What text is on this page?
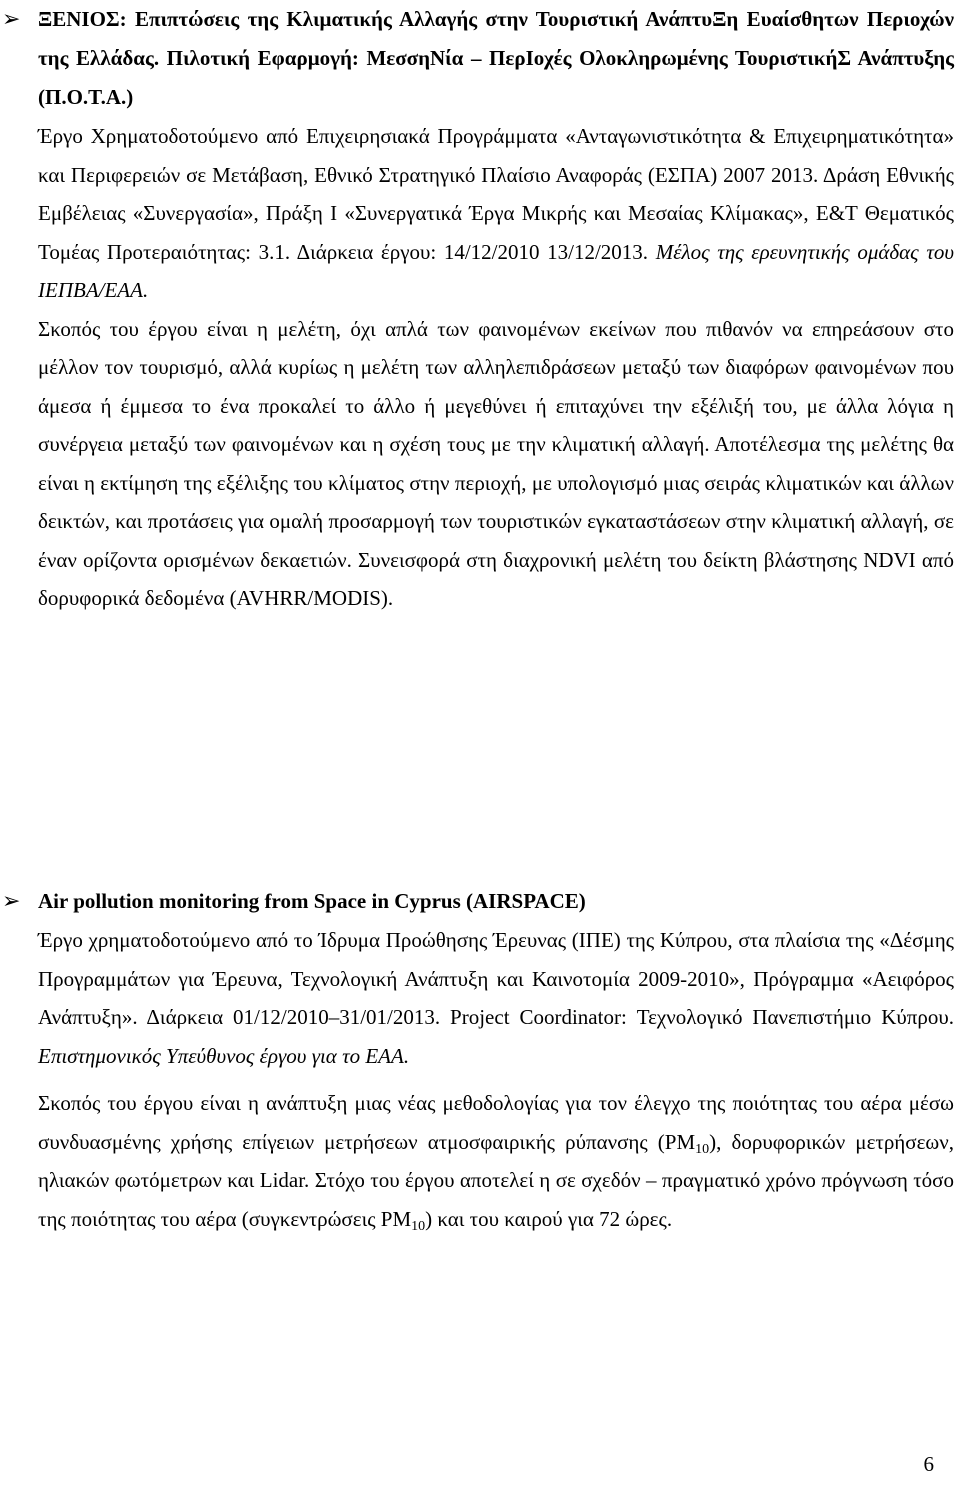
➢ ΞΕΝΙΟΣ: Επιπτώσεις της Κλιματικής Αλλαγής στην Τουριστική ΑνάπτυΞη Ευαίσθητων Περιοχών της Ελλάδας. Πιλοτική Εφαρμογή: ΜεσσηΝία – ΠερΙοχές Ολοκληρωμένης ΤουριστικήΣ Ανάπτυξης (Π.Ο.Τ.Α.)

Έργο Χρηματοδοτούμενο από Επιχειρησιακά Προγράμματα «Ανταγωνιστικότητα & Επιχειρηματικότητα» και Περιφερειών σε Μετάβαση, Εθνικό Στρατηγικό Πλαίσιο Αναφοράς (ΕΣΠΑ) 2007 2013. Δράση Εθνικής Εμβέλειας «Συνεργασία», Πράξη Ι «Συνεργατικά Έργα Μικρής και Μεσαίας Κλίμακας», Ε&Τ Θεματικός Τομέας Προτεραιότητας: 3.1. Διάρκεια έργου: 14/12/2010 13/12/2013. Μέλος της ερευνητικής ομάδας του ΙΕΠΒΑ/ΕΑΑ.

Σκοπός του έργου είναι η μελέτη, όχι απλά των φαινομένων εκείνων που πιθανόν να επηρεάσουν στο μέλλον τον τουρισμό, αλλά κυρίως η μελέτη των αλληλεπιδράσεων μεταξύ των διαφόρων φαινομένων που άμεσα ή έμμεσα το ένα προκαλεί το άλλο ή μεγεθύνει ή επιταχύνει την εξέλιξή του, με άλλα λόγια η συνέργεια μεταξύ των φαινομένων και η σχέση τους με την κλιματική αλλαγή. Αποτέλεσμα της μελέτης θα είναι η εκτίμηση της εξέλιξης του κλίματος στην περιοχή, με υπολογισμό μιας σειράς κλιματικών και άλλων δεικτών, και προτάσεις για ομαλή προσαρμογή των τουριστικών εγκαταστάσεων στην κλιματική αλλαγή, σε έναν ορίζοντα ορισμένων δεκαετιών. Συνεισφορά στη διαχρονική μελέτη του δείκτη βλάστησης NDVI από δορυφορικά δεδομένα (AVHRR/MODIS).

➢ Air pollution monitoring from Space in Cyprus (AIRSPACE)

Έργο χρηματοδοτούμενο από το Ίδρυμα Προώθησης Έρευνας (ΙΠΕ) της Κύπρου, στα πλαίσια της «Δέσμης Προγραμμάτων για Έρευνα, Τεχνολογική Ανάπτυξη και Καινοτομία 2009-2010», Πρόγραμμα «Αειφόρος Ανάπτυξη». Διάρκεια 01/12/2010–31/01/2013. Project Coordinator: Τεχνολογικό Πανεπιστήμιο Κύπρου. Επιστημονικός Υπεύθυνος έργου για το ΕΑΑ.

Σκοπός του έργου είναι η ανάπτυξη μιας νέας μεθοδολογίας για τον έλεγχο της ποιότητας του αέρα μέσω συνδυασμένης χρήσης επίγειων μετρήσεων ατμοσφαιρικής ρύπανσης $(PM_{10})$, δορυφορικών μετρήσεων, ηλιακών φωτόμετρων και Lidar. Στόχο του έργου αποτελεί η σε σχεδόν – πραγματικό χρόνο πρόγνωση τόσο της ποιότητας του αέρα (συγκεντρώσεις $PM_{10}$) και του καιρού για 72 ώρες.

6
